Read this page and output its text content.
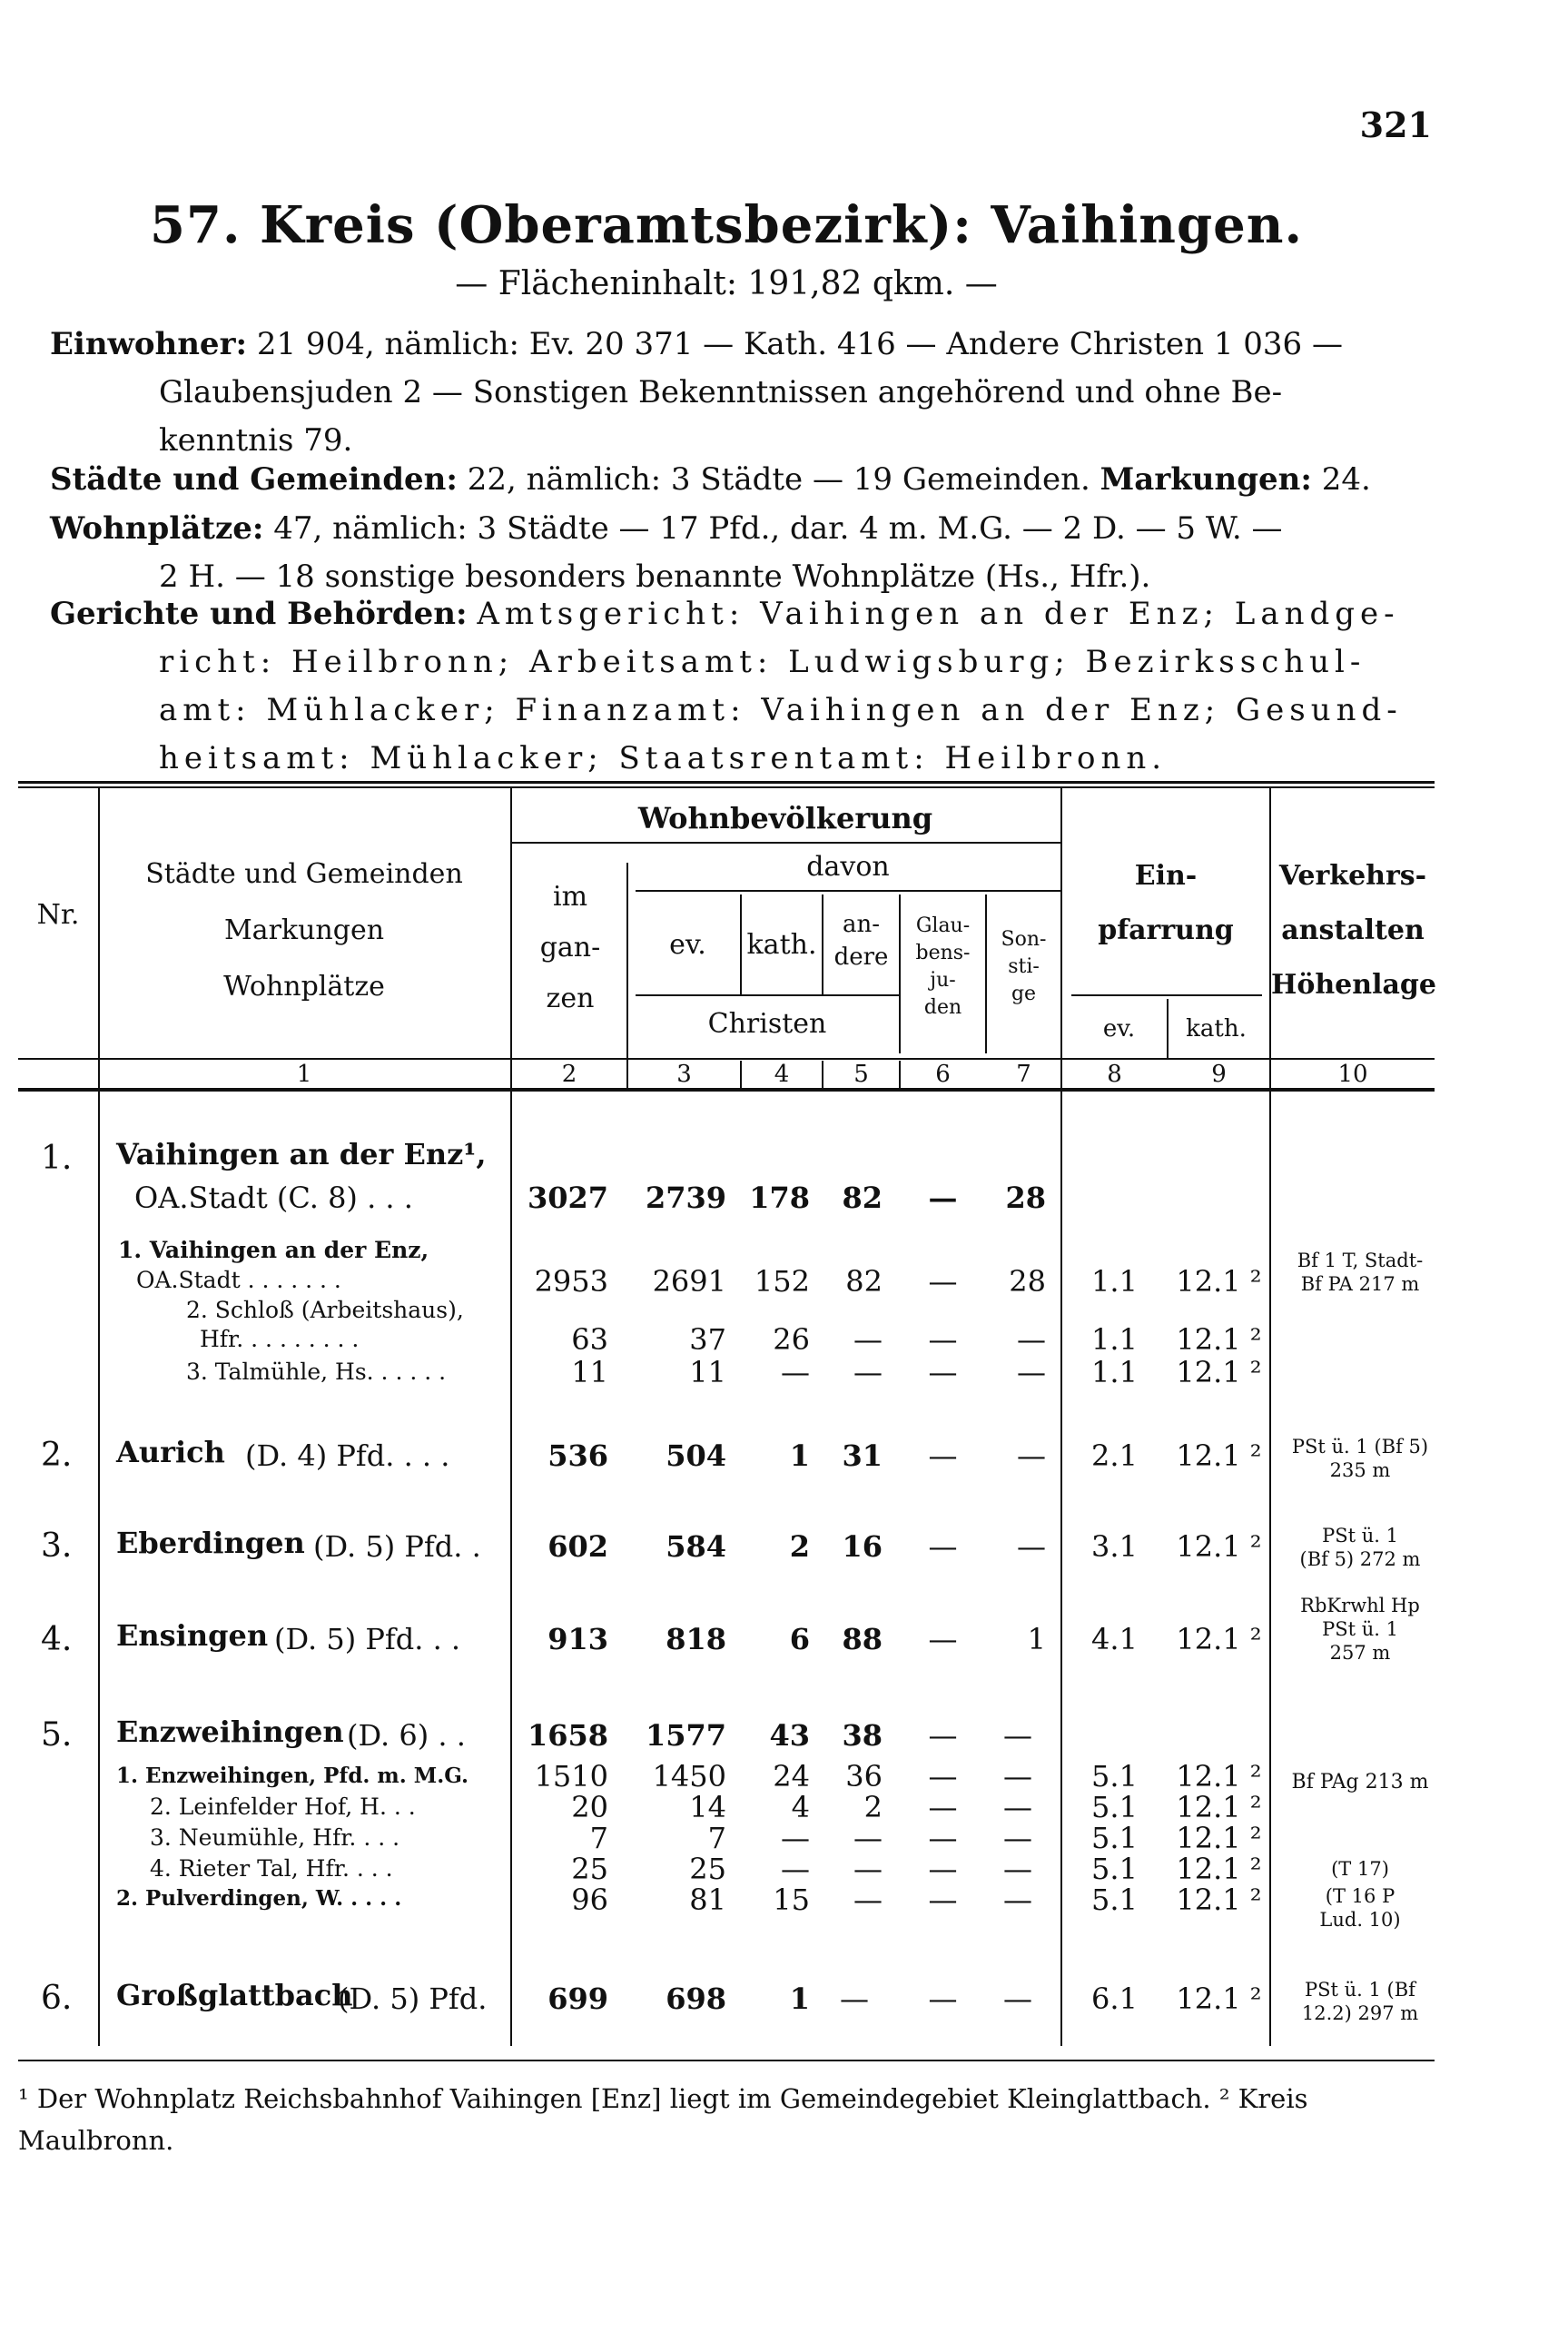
321
57. Kreis (Oberamtsbezirk): Vaihingen.
— Flächeninhalt: 191,82 qkm. —
Einwohner: 21 904, nämlich: Ev. 20 371 — Kath. 416 — Andere Christen 1 036 —
Glaubensjuden 2 — Sonstigen Bekenntnissen angehörend und ohne Be-
kenntnis 79.
Städte und Gemeinden: 22, nämlich: 3 Städte — 19 Gemeinden. Markungen: 24.
Wohnplätze: 47, nämlich: 3 Städte — 17 Pfd., dar. 4 m. M.G. — 2 D. — 5 W. —
2 H. — 18 sonstige besonders benannte Wohnplätze (Hs., Hfr.).
Gerichte und Behörden: Amtsgericht: Vaihingen an der Enz; Landge-
richt: Heilbronn; Arbeitsamt: Ludwigsburg; Bezirksschul-
amt: Mühlacker; Finanzamt: Vaihingen an der Enz; Gesund-
heitsamt: Mühlacker; Staatsrentamt: Heilbronn.
Nr.
Städte und Gemeinden
Markungen
Wohnplätze
Wohnbevölkerung
im
gan-
zen
davon
ev.	kath.
an-
dere
Christen
Glau-
bens-
ju-
den
Son-
sti-
ge
Ein-
pfarrung
ev.	kath.
Verkehrs-
anstalten
Höhenlage
1	2	3	4	5	6	7	8	9	10
1. Vaihingen an der Enz¹,
OA.Stadt (C. 8) . . .	3027	2739 178	82	—	28
1. Vaihingen an der Enz,
OA.Stadt . . . . . . .	2953	2691 152	82	—	28	1.1	12.1 ²
Bf 1 T, Stadt-
Bf PA 217 m
2. Schloß (Arbeitshaus),
Hfr. . . . . . . . .	63	37	26	—	—	—	1.1	12.1 ²
3. Talmühle, Hs. . . . . .	11	11	—	—	—	—	1.1	12.1 ²
2. Aurich (D. 4) Pfd. . . .	536	504	1	31	—	—	2.1	12.1 ²	PSt ü. 1 (Bf 5)
235 m
3. Eberdingen (D. 5) Pfd. .	602	584	2	16	—	—	3.1	12.1 ²	PSt ü. 1
(Bf 5) 272 m
4. Ensingen (D. 5) Pfd. . .	913	818	6	88	—	1	4.1	12.1 ²
RbKrwhl Hp
PSt ü. 1
257 m
5. Enzweihingen (D. 6) . .	1658	1577	43	38	—	—
1. Enzweihingen, Pfd. m. M.G.	1510	1450	24	36	—	—	5.1	12.1 ²	Bf PAg 213 m
2. Leinfelder Hof, H. . .	20	14	4	2	—	—	5.1	12.1 ²
3. Neumühle, Hfr. . . .	7	7	—	—	—	—	5.1	12.1 ²
4. Rieter Tal, Hfr. . . .	25	25	—	—	—	—	5.1	12.1 ²	(T 17)
2. Pulverdingen, W. . . . .	96	81	15	—	—	—	5.1	12.1 ²	(T 16 P
Lud. 10)
6. Großglattbach
(D. 5) Pfd.	699	698	1	—	—	—	6.1	12.1 ²	PSt ü. 1 (Bf
12.2) 297 m
¹ Der Wohnplatz Reichsbahnhof Vaihingen [Enz] liegt im Gemeindegebiet Kleinglattbach. ² Kreis
Maulbronn.
